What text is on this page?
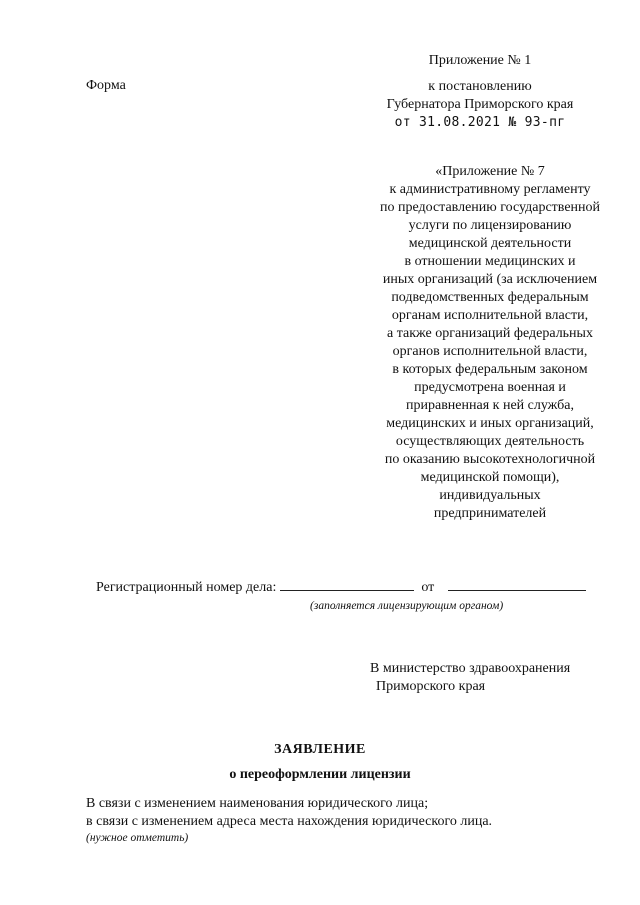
Форма
Приложение № 1
к постановлению
Губернатора Приморского края
от 31.08.2021 № 93-пг
«Приложение № 7
к административному регламенту
по предоставлению государственной
услуги по лицензированию
медицинской деятельности
в отношении медицинских и
иных организаций (за исключением
подведомственных федеральным
органам исполнительной власти,
а также организаций федеральных
органов исполнительной власти,
в которых федеральным законом
предусмотрена военная и
приравненная к ней служба,
медицинских и иных организаций,
осуществляющих деятельность
по оказанию высокотехнологичной
медицинской помощи),
индивидуальных
предпринимателей
Регистрационный номер дела:	от
(заполняется лицензирующим органом)
В министерство здравоохранения
Приморского края
ЗАЯВЛЕНИЕ
о переоформлении лицензии
В связи с изменением наименования юридического лица;
в связи с изменением адреса места нахождения юридического лица.
(нужное отметить)
